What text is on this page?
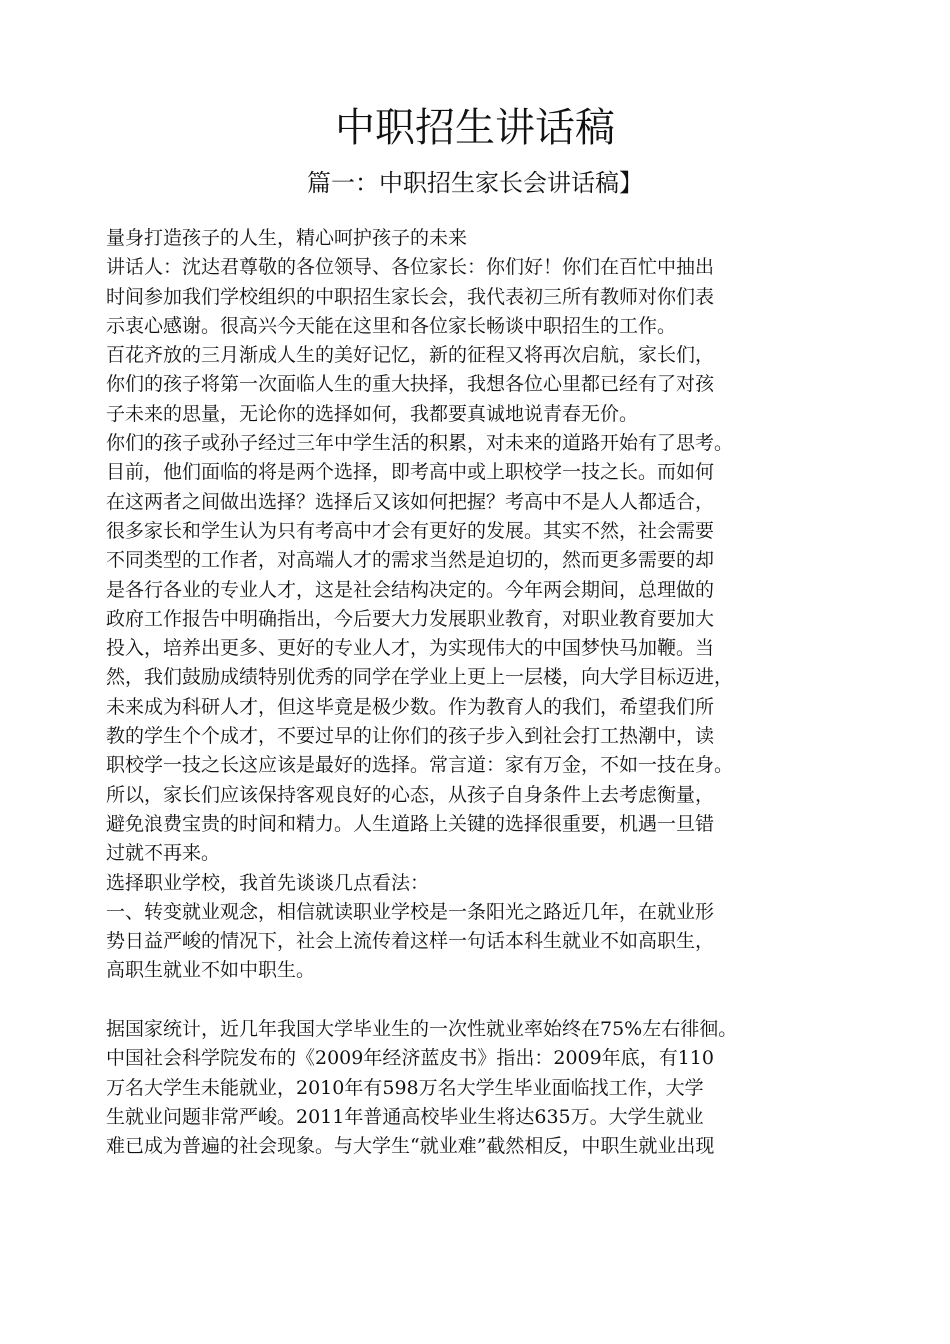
中职招生讲话稿
篇一：中职招生家长会讲话稿】
量身打造孩子的人生，精心呵护孩子的未来
讲话人：沈达君尊敬的各位领导、各位家长：你们好！你们在百忙中抽出
时间参加我们学校组织的中职招生家长会，我代表初三所有教师对你们表
示衷心感谢。很高兴今天能在这里和各位家长畅谈中职招生的工作。
百花齐放的三月渐成人生的美好记忆，新的征程又将再次启航，家长们，
你们的孩子将第一次面临人生的重大抉择，我想各位心里都已经有了对孩
子未来的思量，无论你的选择如何，我都要真诚地说青春无价。
你们的孩子或孙子经过三年中学生活的积累，对未来的道路开始有了思考。
目前，他们面临的将是两个选择，即考高中或上职校学一技之长。而如何
在这两者之间做出选择？选择后又该如何把握？考高中不是人人都适合，
很多家长和学生认为只有考高中才会有更好的发展。其实不然，社会需要
不同类型的工作者，对高端人才的需求当然是迫切的，然而更多需要的却
是各行各业的专业人才，这是社会结构决定的。今年两会期间，总理做的
政府工作报告中明确指出，今后要大力发展职业教育，对职业教育要加大
投入，培养出更多、更好的专业人才，为实现伟大的中国梦快马加鞭。当
然，我们鼓励成绩特别优秀的同学在学业上更上一层楼，向大学目标迈进，
未来成为科研人才，但这毕竟是极少数。作为教育人的我们，希望我们所
教的学生个个成才，不要过早的让你们的孩子步入到社会打工热潮中，读
职校学一技之长这应该是最好的选择。常言道：家有万金，不如一技在身。
所以，家长们应该保持客观良好的心态，从孩子自身条件上去考虑衡量，
避免浪费宝贵的时间和精力。人生道路上关键的选择很重要，机遇一旦错
过就不再来。
选择职业学校，我首先谈谈几点看法：
一、转变就业观念，相信就读职业学校是一条阳光之路近几年，在就业形
势日益严峻的情况下，社会上流传着这样一句话本科生就业不如高职生，
高职生就业不如中职生。
据国家统计，近几年我国大学毕业生的一次性就业率始终在75%左右徘徊。
中国社会科学院发布的《2009年经济蓝皮书》指出：2009年底，有110
万名大学生未能就业，2010年有598万名大学生毕业面临找工作，大学
生就业问题非常严峻。2011年普通高校毕业生将达635万。大学生就业
难已成为普遍的社会现象。与大学生“就业难”截然相反，中职生就业出现
